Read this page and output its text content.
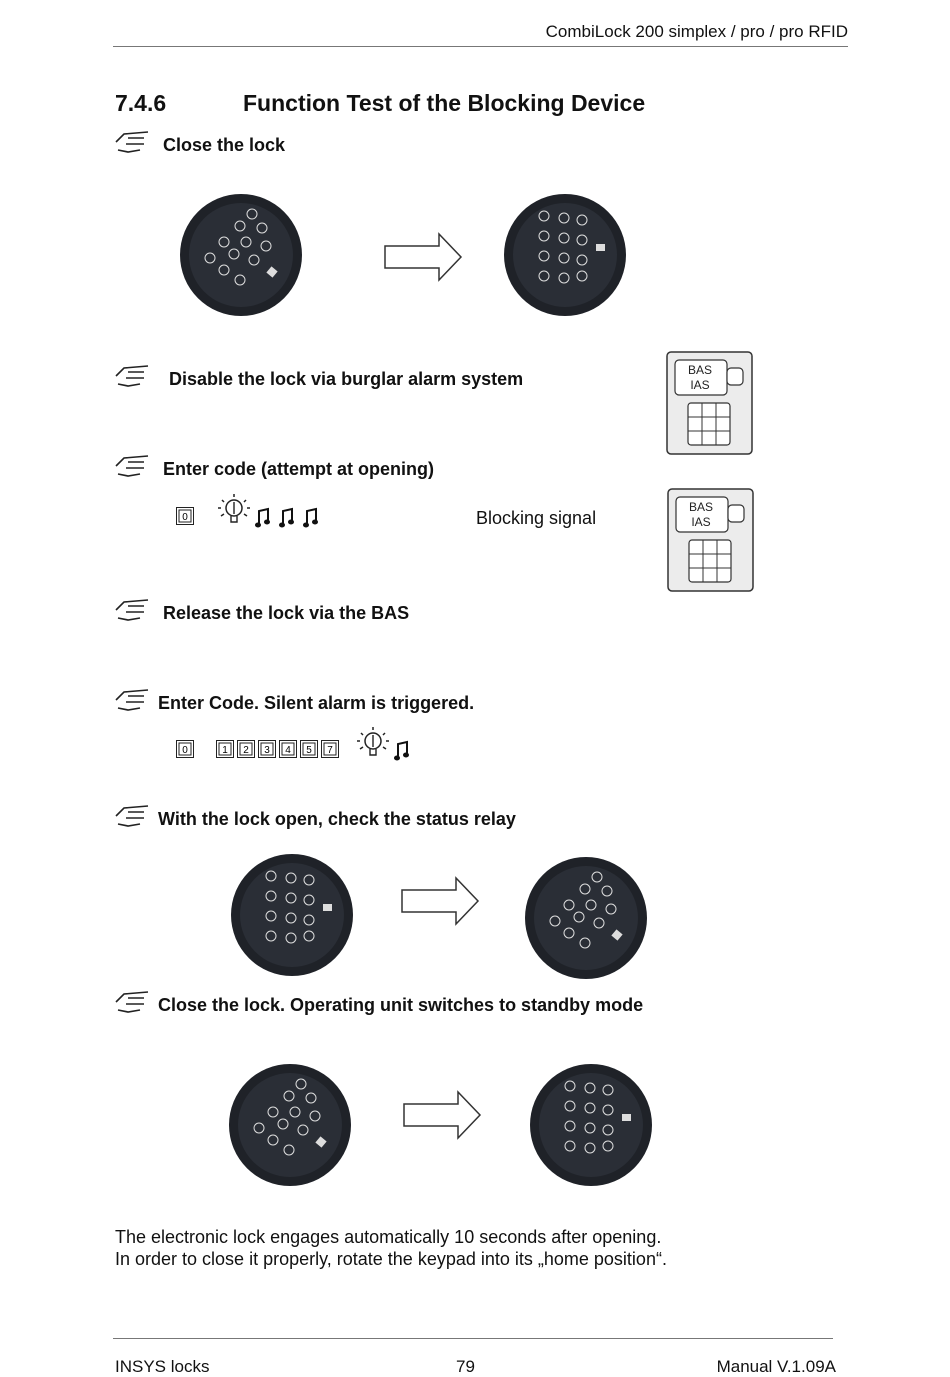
CombiLock 200 simplex / pro / pro RFID
7.4.6	Function Test of the Blocking Device
Close the lock
Disable the lock via burglar alarm system	BAS
IAS
Enter code (attempt at opening)
0	Blocking signal
BAS
IAS
Release the lock via the BAS
Enter Code. Silent alarm is triggered.
0	1 2 3 4 5 7
With the lock open, check the status relay
Close the lock. Operating unit switches to standby mode
The electronic lock engages automatically 10 seconds after opening.
In order to close it properly, rotate the keypad into its „home position“.
INSYS locks	79	Manual V.1.09A
